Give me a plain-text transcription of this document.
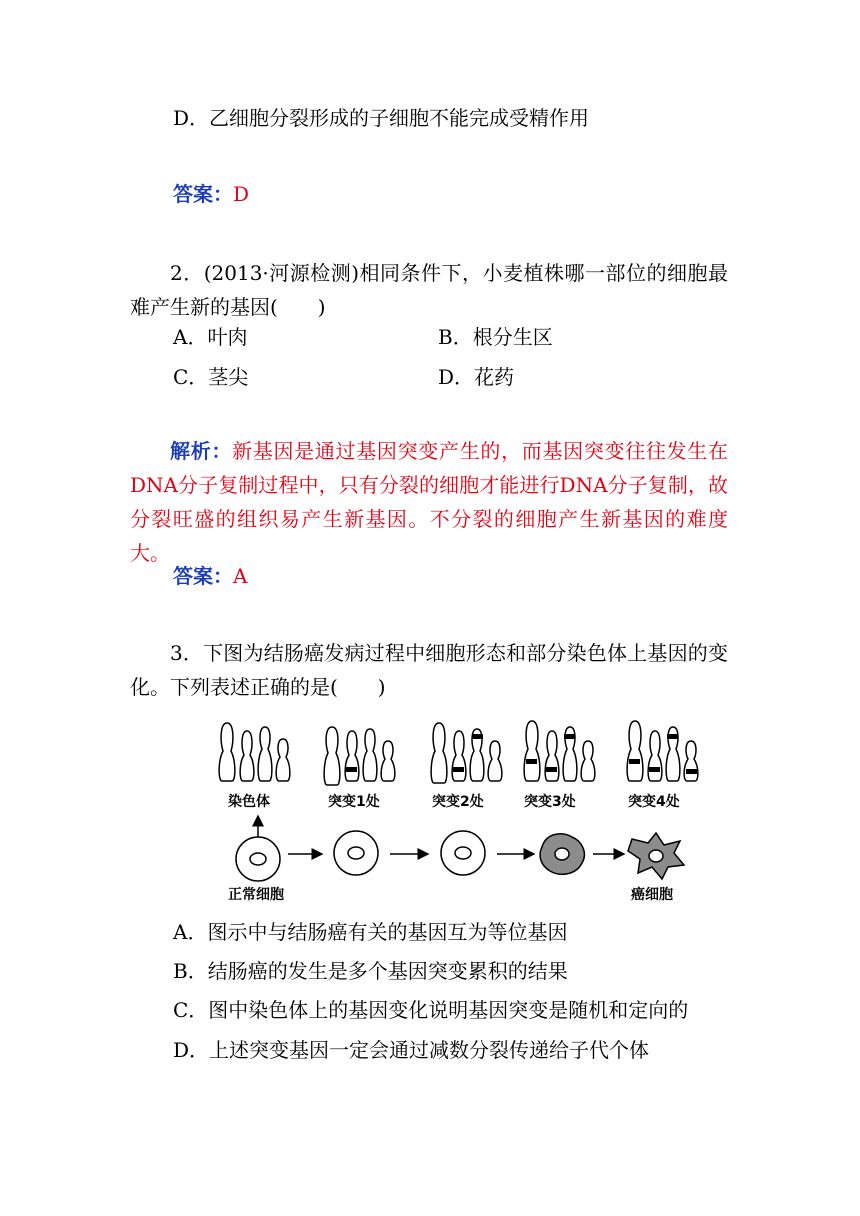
D．乙细胞分裂形成的子细胞不能完成受精作用
答案：D
2．(2013·河源检测)相同条件下，小麦植株哪一部位的细胞最难产生新的基因(　　)
A．叶肉	B．根分生区
C．茎尖	D．花药
解析：新基因是通过基因突变产生的，而基因突变往往发生在DNA分子复制过程中，只有分裂的细胞才能进行DNA分子复制，故分裂旺盛的组织易产生新基因。不分裂的细胞产生新基因的难度大。
答案：A
3．下图为结肠癌发病过程中细胞形态和部分染色体上基因的变化。下列表述正确的是(　　)
染色体	突变1处	突变2处	突变3处	突变4处
正常细胞	癌细胞
A．图示中与结肠癌有关的基因互为等位基因
B．结肠癌的发生是多个基因突变累积的结果
C．图中染色体上的基因变化说明基因突变是随机和定向的
D．上述突变基因一定会通过减数分裂传递给子代个体
